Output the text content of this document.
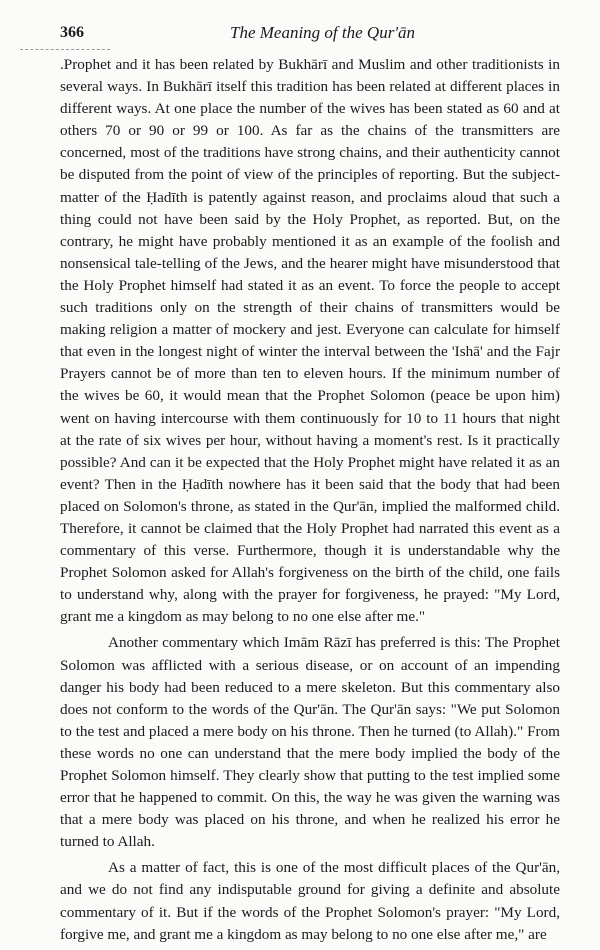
366	The Meaning of the Qur'ān

.Prophet and it has been related by Bukhārī and Muslim and other traditionists in several ways. In Bukhārī itself this tradition has been related at different places in different ways. At one place the number of the wives has been stated as 60 and at others 70 or 90 or 99 or 100. As far as the chains of the transmitters are concerned, most of the traditions have strong chains, and their authenticity cannot be disputed from the point of view of the principles of reporting. But the subject-matter of the Ḥadīth is patently against reason, and proclaims aloud that such a thing could not have been said by the Holy Prophet, as reported. But, on the contrary, he might have probably mentioned it as an example of the foolish and nonsensical tale-telling of the Jews, and the hearer might have misunderstood that the Holy Prophet himself had stated it as an event. To force the people to accept such traditions only on the strength of their chains of transmitters would be making religion a matter of mockery and jest. Everyone can calculate for himself that even in the longest night of winter the interval between the 'Ishā' and the Fajr Prayers cannot be of more than ten to eleven hours. If the minimum number of the wives be 60, it would mean that the Prophet Solomon (peace be upon him) went on having intercourse with them continuously for 10 to 11 hours that night at the rate of six wives per hour, without having a moment's rest. Is it practically possible? And can it be expected that the Holy Prophet might have related it as an event? Then in the Ḥadīth nowhere has it been said that the body that had been placed on Solomon's throne, as stated in the Qur'ān, implied the malformed child. Therefore, it cannot be claimed that the Holy Prophet had narrated this event as a commentary of this verse. Furthermore, though it is understandable why the Prophet Solomon asked for Allah's forgiveness on the birth of the child, one fails to understand why, along with the prayer for forgiveness, he prayed: "My Lord, grant me a kingdom as may belong to no one else after me."

Another commentary which Imām Rāzī has preferred is this: The Prophet Solomon was afflicted with a serious disease, or on account of an impending danger his body had been reduced to a mere skeleton. But this commentary also does not conform to the words of the Qur'ān. The Qur'ān says: "We put Solomon to the test and placed a mere body on his throne. Then he turned (to Allah)." From these words no one can understand that the mere body implied the body of the Prophet Solomon himself. They clearly show that putting to the test implied some error that he happened to commit. On this, the way he was given the warning was that a mere body was placed on his throne, and when he realized his error he turned to Allah.

As a matter of fact, this is one of the most difficult places of the Qur'ān, and we do not find any indisputable ground for giving a definite and absolute commentary of it. But if the words of the Prophet Solomon's prayer: "My Lord, forgive me, and grant me a kingdom as may belong to no one else after me," are
